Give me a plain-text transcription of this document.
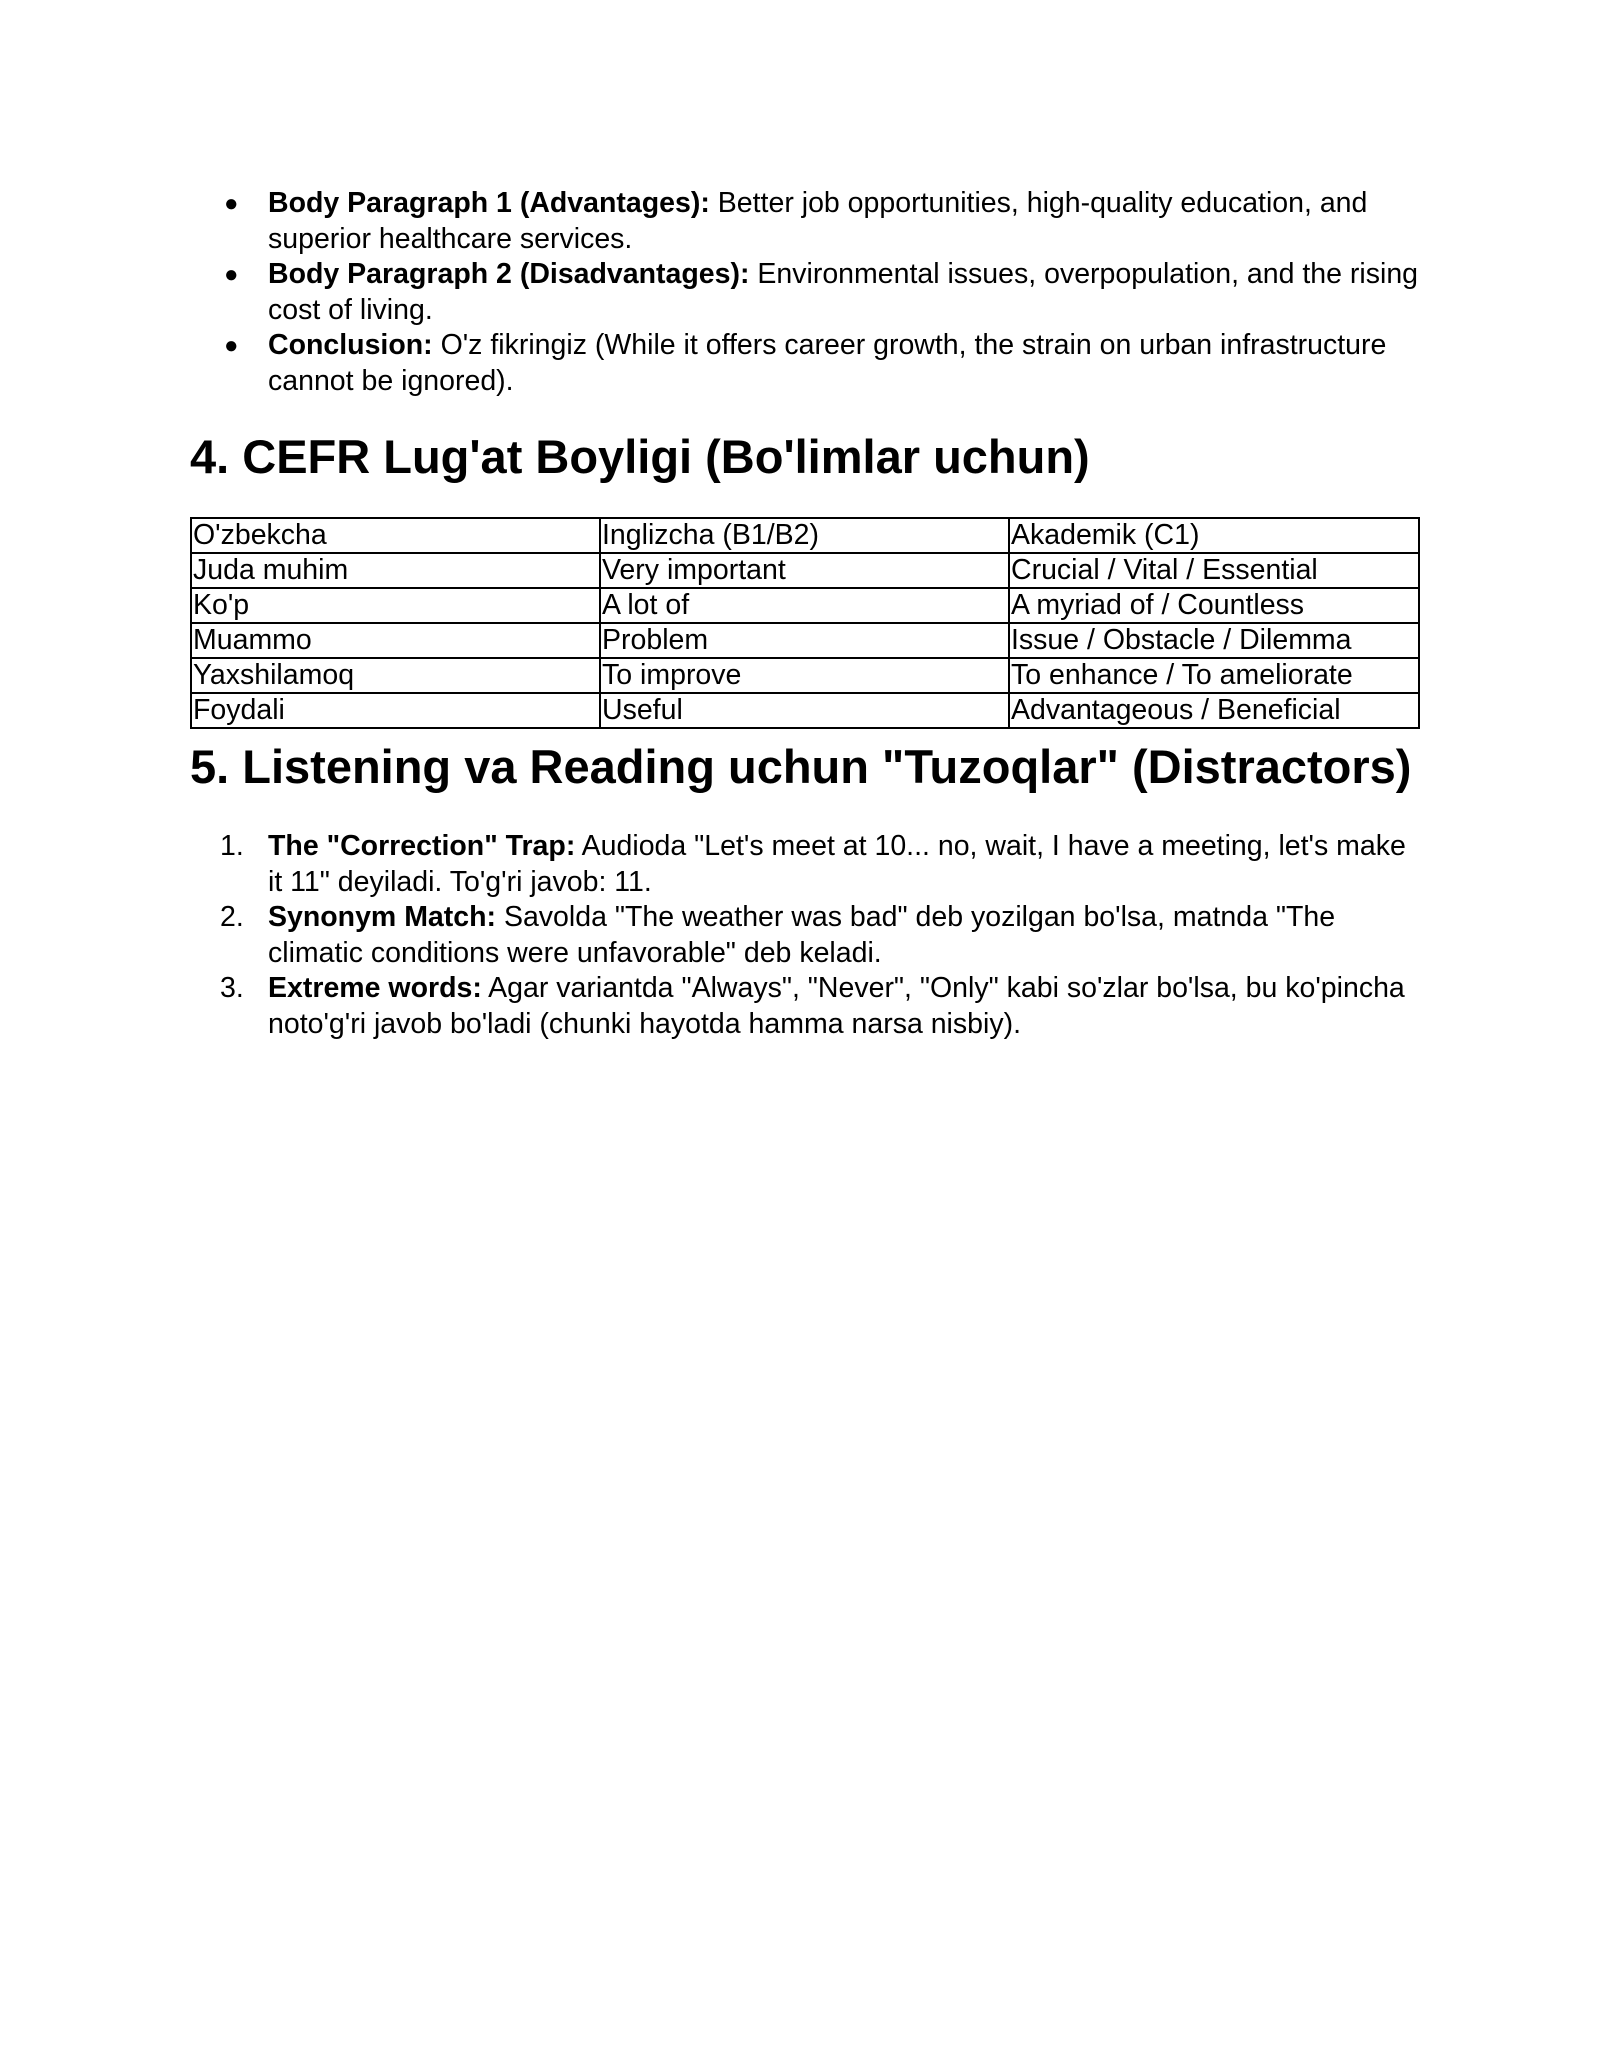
● Body Paragraph 1 (Advantages): Better job opportunities, high-quality education, and superior healthcare services.
● Body Paragraph 2 (Disadvantages): Environmental issues, overpopulation, and the rising cost of living.
● Conclusion: O'z fikringiz (While it offers career growth, the strain on urban infrastructure cannot be ignored).
4. CEFR Lug'at Boyligi (Bo'limlar uchun)
O'zbekcha	Inglizcha (B1/B2)	Akademik (C1)
Juda muhim	Very important	Crucial / Vital / Essential
Ko'p	A lot of	A myriad of / Countless
Muammo	Problem	Issue / Obstacle / Dilemma
Yaxshilamoq	To improve	To enhance / To ameliorate
Foydali	Useful	Advantageous / Beneficial
5. Listening va Reading uchun "Tuzoqlar" (Distractors)
1. The "Correction" Trap: Audioda "Let's meet at 10... no, wait, I have a meeting, let's make it 11" deyiladi. To'g'ri javob: 11.
2. Synonym Match: Savolda "The weather was bad" deb yozilgan bo'lsa, matnda "The climatic conditions were unfavorable" deb keladi.
3. Extreme words: Agar variantda "Always", "Never", "Only" kabi so'zlar bo'lsa, bu ko'pincha noto'g'ri javob bo'ladi (chunki hayotda hamma narsa nisbiy).
